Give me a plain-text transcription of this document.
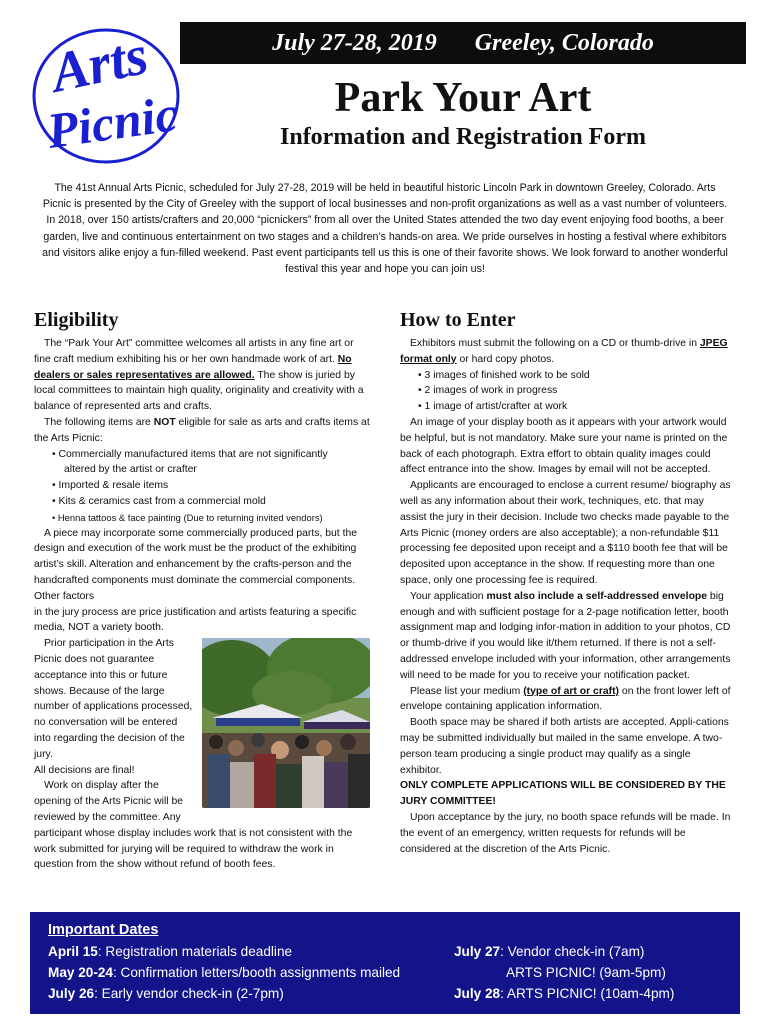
Arts
Picnic
July 27-28, 2019 Greeley, Colorado
Park Your Art
Information and Registration Form
The 41st Annual Arts Picnic, scheduled for July 27-28, 2019 will be held in beautiful historic Lincoln Park in downtown Greeley, Colorado. Arts Picnic is presented by the City of Greeley with the support of local businesses and non-profit organizations as well as a vast number of volunteers. In 2018, over 150 artists/crafters and 20,000 “picnickers” from all over the United States attended the two day event enjoying food booths, a beer garden, live and continuous entertainment on two stages and a children’s hands-on area. We pride ourselves in hosting a festival where exhibitors and visitors alike enjoy a fun-filled weekend. Past event participants tell us this is one of their favorite shows. We look forward to another wonderful festival this year and hope you can join us!
Eligibility

The “Park Your Art” committee welcomes all artists in any fine art or fine craft medium exhibiting his or her own handmade work of art. No dealers or sales representatives are allowed. The show is juried by local committees to maintain high quality, originality and creativity with a balance of represented arts and crafts.

The following items are NOT eligible for sale as arts and crafts items at the Arts Picnic:

• Commercially manufactured items that are not significantly

altered by the artist or crafter

• Imported & resale items

• Kits & ceramics cast from a commercial mold

• Henna tattoos & face painting (Due to returning invited vendors)

A piece may incorporate some commercially produced parts, but the design and execution of the work must be the product of the exhibiting artist’s skill. Alteration and enhancement by the crafts-person and the handcrafted components must dominate the commercial components. Other factors

in the jury process are price justification and artists featuring a specific media, NOT a variety booth.

Prior participation in the Arts Picnic does not guarantee acceptance into this or future shows. Because of the large number of applications processed, no conversation will be entered into regarding the decision of the jury.

All decisions are final!

Work on display after the opening of the Arts Picnic will be reviewed by the committee. Any participant whose display includes work that is not consistent with the work submitted for jurying will be required to withdraw the work in question from the show without refund of booth fees.

How to Enter

Exhibitors must submit the following on a CD or thumb-drive in JPEG format only or hard copy photos.

• 3 images of finished work to be sold

• 2 images of work in progress

• 1 image of artist/crafter at work

An image of your display booth as it appears with your artwork would be helpful, but is not mandatory. Make sure your name is printed on the back of each photograph. Extra effort to obtain quality images could affect entrance into the show. Images by email will not be accepted.

Applicants are encouraged to enclose a current resume/ biography as well as any information about their work, techniques, etc. that may assist the jury in their decision. Include two checks made payable to the Arts Picnic (money orders are also acceptable); a non-refundable $11 processing fee deposited upon receipt and a $110 booth fee that will be deposited upon acceptance in the show. If requesting more than one space, only one processing fee is required.

Your application must also include a self-addressed envelope big enough and with sufficient postage for a 2-page notification letter, booth assignment map and lodging infor-mation in addition to your photos, CD or thumb-drive if you would like it/them returned. If there is not a self-addressed envelope included with your information, other arrangements will need to be made for you to receive your notification packet.

Please list your medium (type of art or craft) on the front lower left of envelope containing application information.

Booth space may be shared if both artists are accepted. Appli-cations may be submitted individually but mailed in the same envelope. A two-person team producing a single product may qualify as a single exhibitor.

ONLY COMPLETE APPLICATIONS WILL BE CONSIDERED BY THE JURY COMMITTEE!

Upon acceptance by the jury, no booth space refunds will be made. In the event of an emergency, written requests for refunds will be considered at the discretion of the Arts Picnic.

Important Dates
April 15: Registration materials deadline
May 20-24: Confirmation letters/booth assignments mailed
July 26: Early vendor check-in (2-7pm)
July 27: Vendor check-in (7am)
ARTS PICNIC! (9am-5pm)
July 28: ARTS PICNIC! (10am-4pm)
